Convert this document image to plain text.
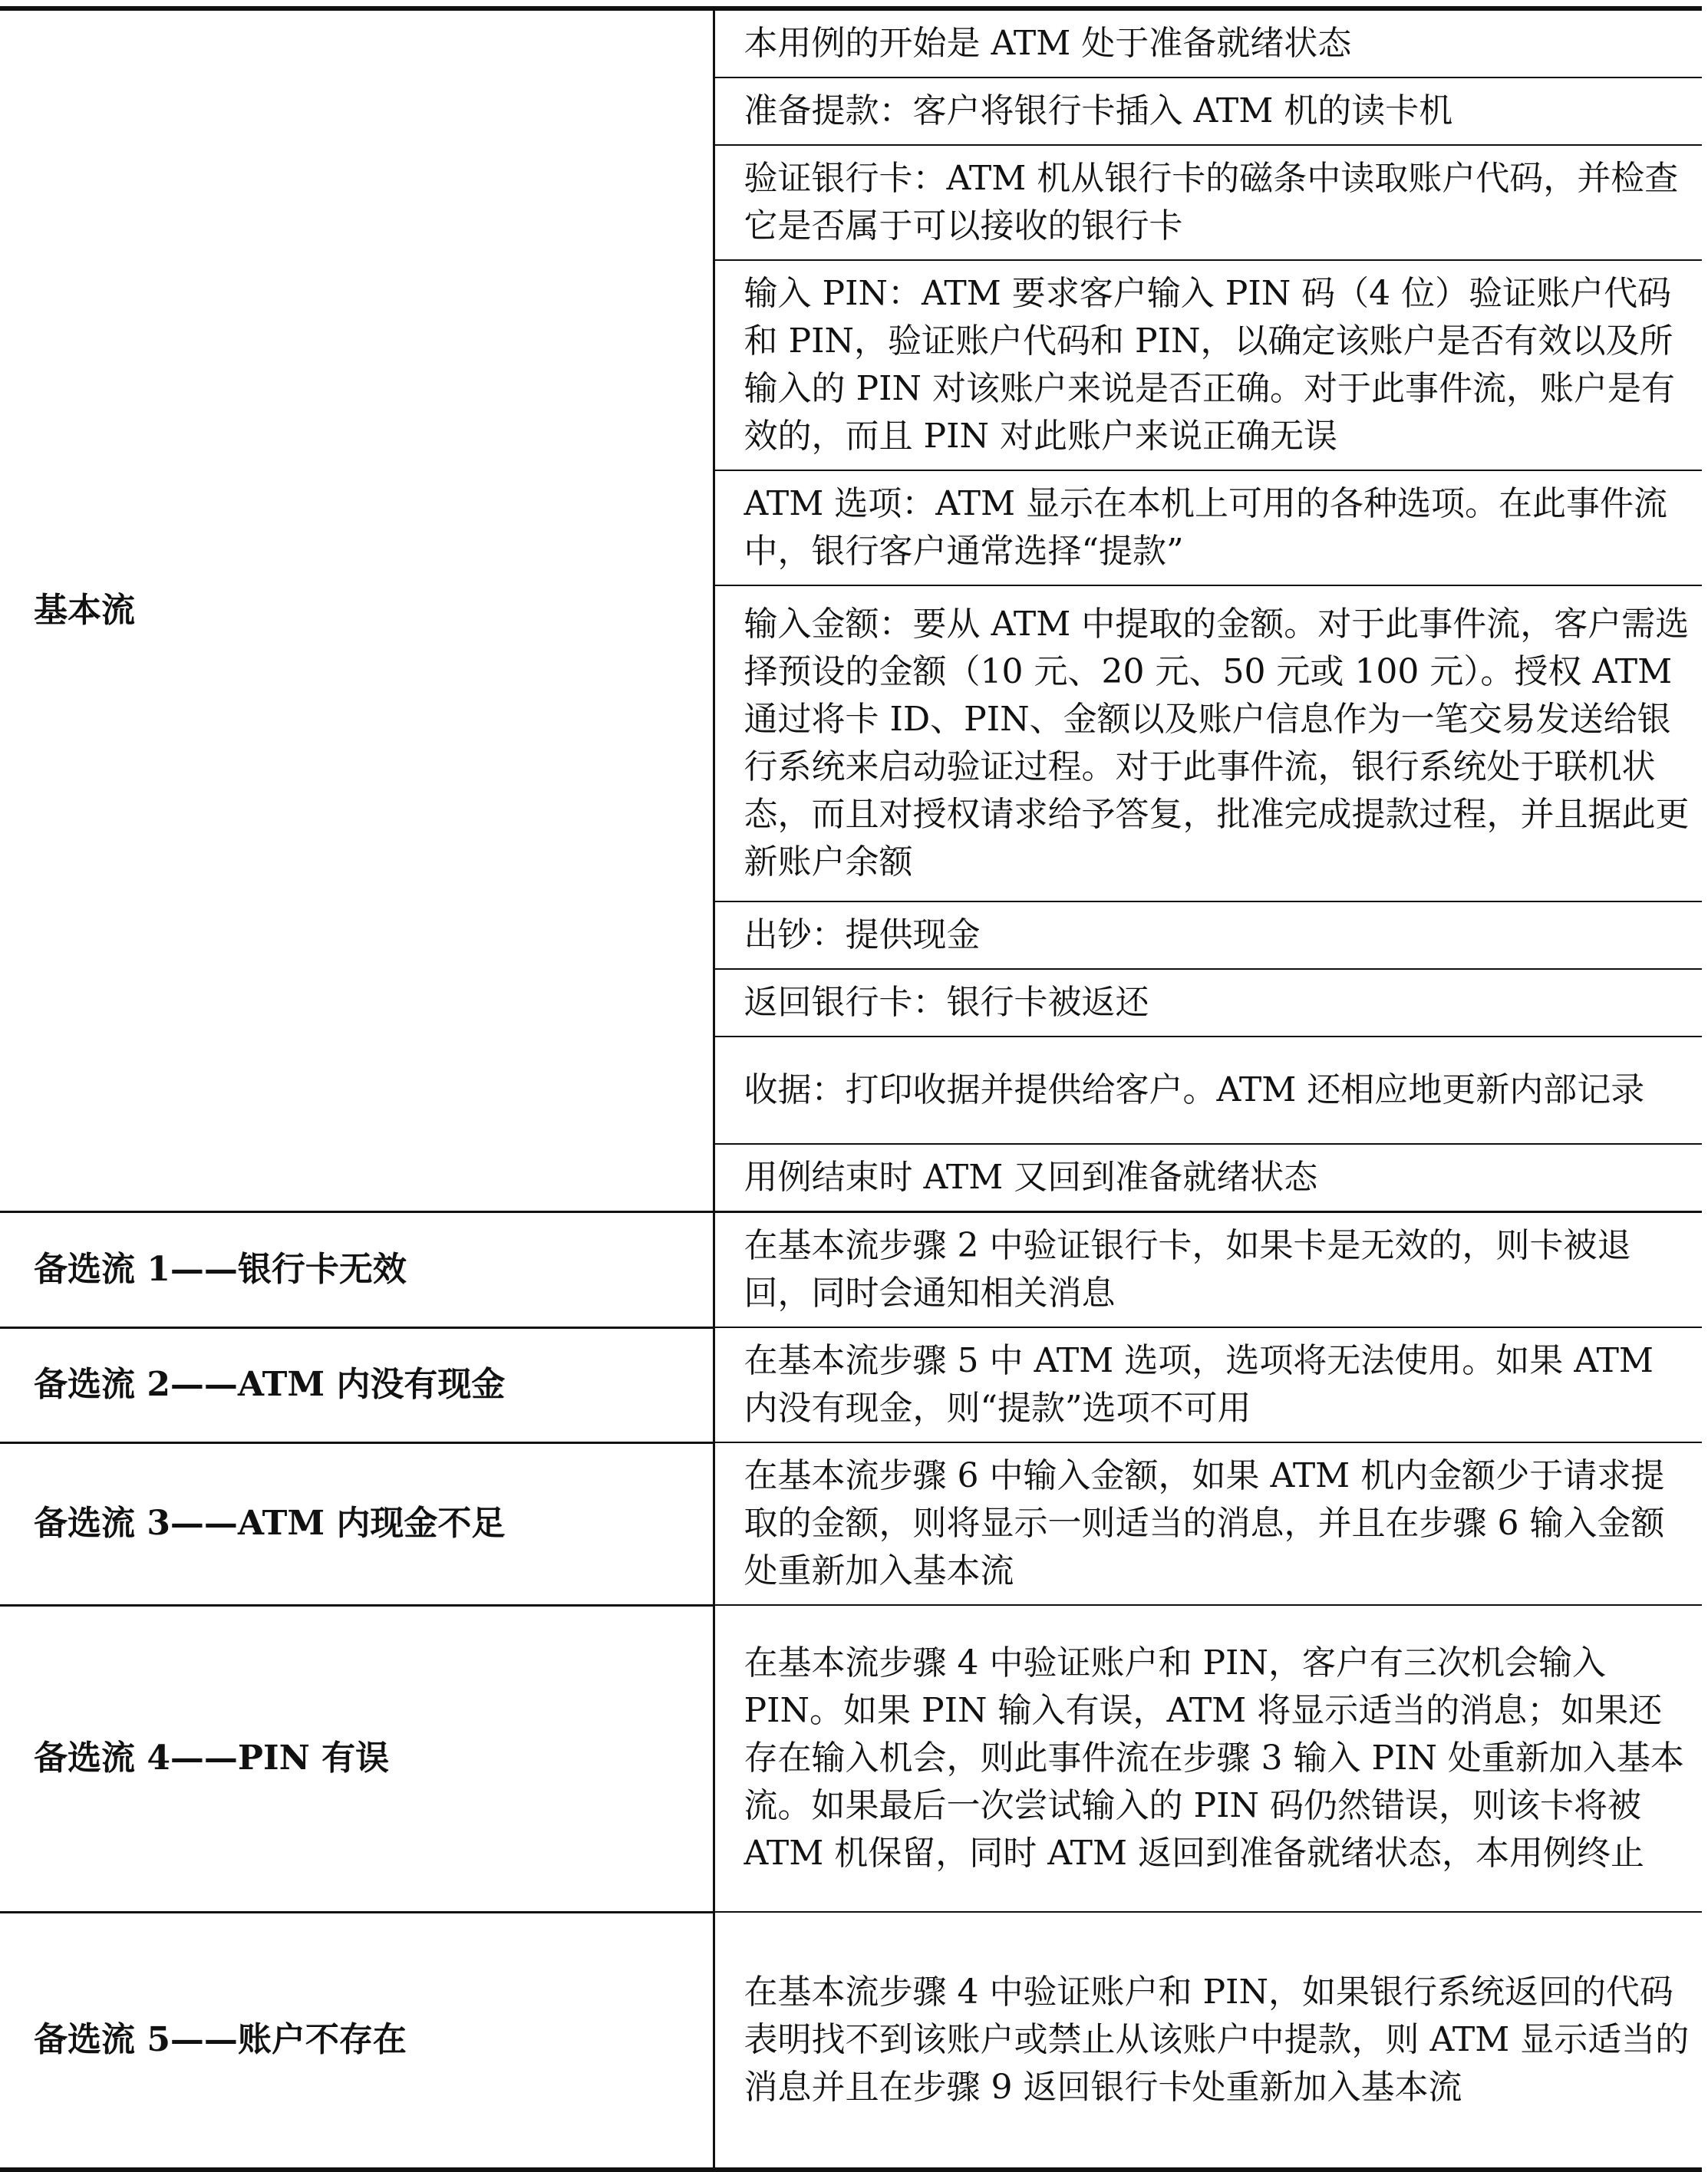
基本流	本用例的开始是 ATM 处于准备就绪状态
	准备提款：客户将银行卡插入 ATM 机的读卡机
	验证银行卡：ATM 机从银行卡的磁条中读取账户代码，并检查它是否属于可以接收的银行卡
	输入 PIN：ATM 要求客户输入 PIN 码（4 位）验证账户代码和 PIN，验证账户代码和 PIN，以确定该账户是否有效以及所输入的 PIN 对该账户来说是否正确。对于此事件流，账户是有效的，而且 PIN 对此账户来说正确无误
	ATM 选项：ATM 显示在本机上可用的各种选项。在此事件流中，银行客户通常选择“提款”
	输入金额：要从 ATM 中提取的金额。对于此事件流，客户需选择预设的金额（10 元、20 元、50 元或 100 元）。授权 ATM 通过将卡 ID、PIN、金额以及账户信息作为一笔交易发送给银行系统来启动验证过程。对于此事件流，银行系统处于联机状态，而且对授权请求给予答复，批准完成提款过程，并且据此更新账户余额
	出钞：提供现金
	返回银行卡：银行卡被返还
	收据：打印收据并提供给客户。ATM 还相应地更新内部记录
	用例结束时 ATM 又回到准备就绪状态
备选流 1——银行卡无效	在基本流步骤 2 中验证银行卡，如果卡是无效的，则卡被退回，同时会通知相关消息
备选流 2——ATM 内没有现金	在基本流步骤 5 中 ATM 选项，选项将无法使用。如果 ATM 内没有现金，则“提款”选项不可用
备选流 3——ATM 内现金不足	在基本流步骤 6 中输入金额，如果 ATM 机内金额少于请求提取的金额，则将显示一则适当的消息，并且在步骤 6 输入金额处重新加入基本流
备选流 4——PIN 有误	在基本流步骤 4 中验证账户和 PIN，客户有三次机会输入 PIN。如果 PIN 输入有误，ATM 将显示适当的消息；如果还存在输入机会，则此事件流在步骤 3 输入 PIN 处重新加入基本流。如果最后一次尝试输入的 PIN 码仍然错误，则该卡将被 ATM 机保留，同时 ATM 返回到准备就绪状态，本用例终止
备选流 5——账户不存在	在基本流步骤 4 中验证账户和 PIN，如果银行系统返回的代码表明找不到该账户或禁止从该账户中提款，则 ATM 显示适当的消息并且在步骤 9 返回银行卡处重新加入基本流
